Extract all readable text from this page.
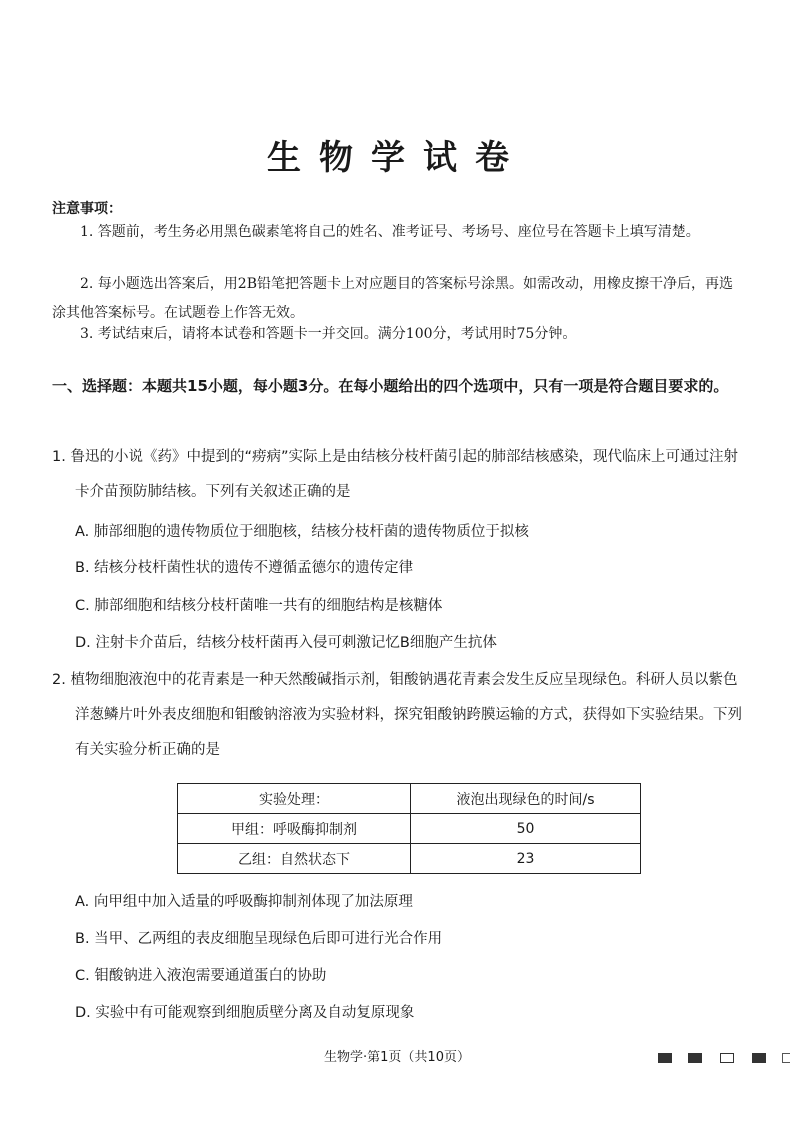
生物学试卷
注意事项：
1. 答题前，考生务必用黑色碳素笔将自己的姓名、准考证号、考场号、座位号在答题卡上填写清楚。
2. 每小题选出答案后，用2B铅笔把答题卡上对应题目的答案标号涂黑。如需改动，用橡皮擦干净后，再选涂其他答案标号。在试题卷上作答无效。
3. 考试结束后，请将本试卷和答题卡一并交回。满分100分，考试用时75分钟。
一、选择题：本题共15小题，每小题3分。在每小题给出的四个选项中，只有一项是符合题目要求的。
1. 鲁迅的小说《药》中提到的“痨病”实际上是由结核分枝杆菌引起的肺部结核感染，现代临床上可通过注射卡介苗预防肺结核。下列有关叙述正确的是
A. 肺部细胞的遗传物质位于细胞核，结核分枝杆菌的遗传物质位于拟核
B. 结核分枝杆菌性状的遗传不遵循孟德尔的遗传定律
C. 肺部细胞和结核分枝杆菌唯一共有的细胞结构是核糖体
D. 注射卡介苗后，结核分枝杆菌再入侵可刺激记忆B细胞产生抗体
2. 植物细胞液泡中的花青素是一种天然酸碱指示剂，钼酸钠遇花青素会发生反应呈现绿色。科研人员以紫色洋葱鳞片叶外表皮细胞和钼酸钠溶液为实验材料，探究钼酸钠跨膜运输的方式，获得如下实验结果。下列有关实验分析正确的是
实验处理：	液泡出现绿色的时间/s
甲组：呼吸酶抑制剂	50
乙组：自然状态下	23
A. 向甲组中加入适量的呼吸酶抑制剂体现了加法原理
B. 当甲、乙两组的表皮细胞呈现绿色后即可进行光合作用
C. 钼酸钠进入液泡需要通道蛋白的协助
D. 实验中有可能观察到细胞质壁分离及自动复原现象
生物学·第1页（共10页）
